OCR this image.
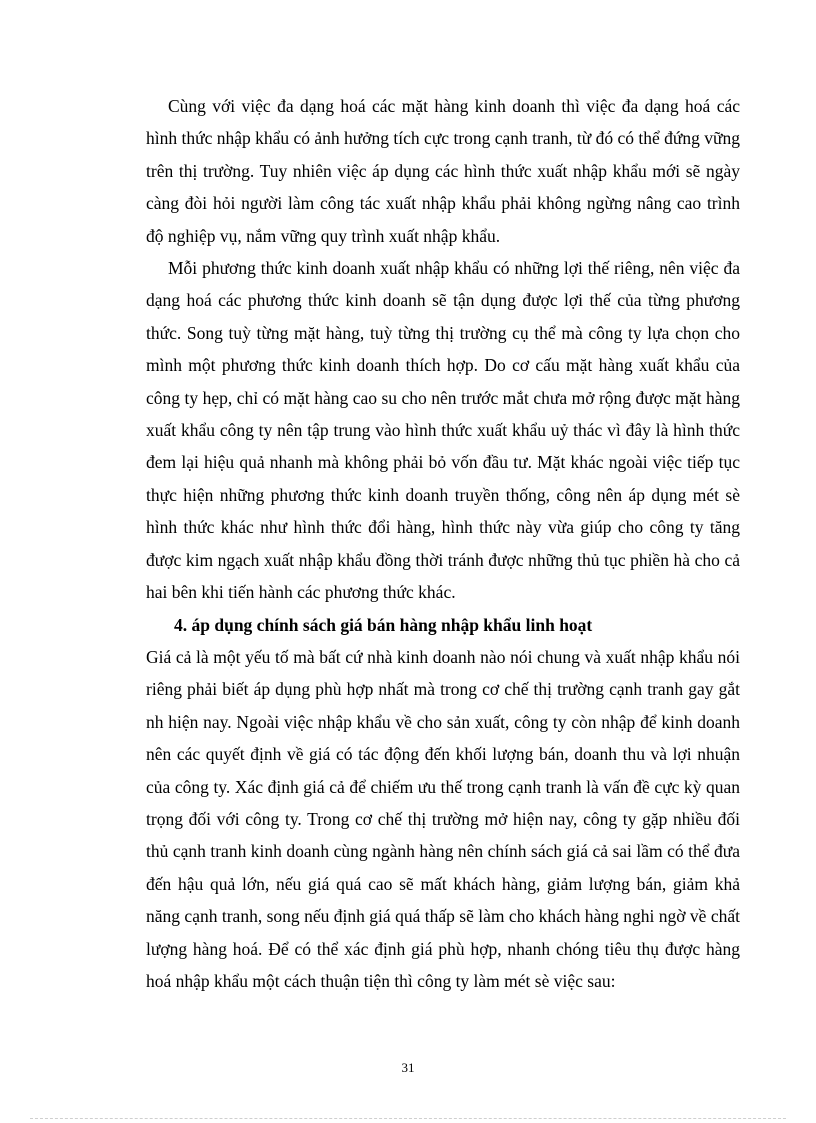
Cùng với việc đa dạng hoá các mặt hàng kinh doanh thì việc đa dạng hoá các hình thức nhập khẩu có ảnh hưởng tích cực trong cạnh tranh, từ đó có thể đứng vững trên thị trường. Tuy nhiên việc áp dụng các hình thức xuất nhập khẩu mới sẽ ngày càng đòi hỏi người làm công tác xuất nhập khẩu phải không ngừng nâng cao trình độ nghiệp vụ, nắm vững quy trình xuất nhập khẩu.

Mỗi phương thức kinh doanh xuất nhập khẩu có những lợi thế riêng, nên việc đa dạng hoá các phương thức kinh doanh sẽ tận dụng được lợi thế của từng phương thức. Song tuỳ từng mặt hàng, tuỳ từng thị trường cụ thể mà công ty lựa chọn cho mình một phương thức kinh doanh thích hợp. Do cơ cấu mặt hàng xuất khẩu của công ty hẹp, chỉ có mặt hàng cao su cho nên trước mắt chưa mở rộng được mặt hàng xuất khẩu công ty nên tập trung vào hình thức xuất khẩu uỷ thác vì đây là hình thức đem lại hiệu quả nhanh mà không phải bỏ vốn đầu tư. Mặt khác ngoài việc tiếp tục thực hiện những phương thức kinh doanh truyền thống, công nên áp dụng mét sè hình thức khác như hình thức đổi hàng, hình thức này vừa giúp cho công ty tăng được kim ngạch xuất nhập khẩu đồng thời tránh được những thủ tục phiền hà cho cả hai bên khi tiến hành các phương thức khác.

4. áp dụng chính sách giá bán hàng nhập khẩu linh hoạt

Giá cả là một yếu tố mà bất cứ nhà kinh doanh nào nói chung và xuất nhập khẩu nói riêng phải biết áp dụng phù hợp nhất mà trong cơ chế thị trường cạnh tranh gay gắt nh hiện nay. Ngoài việc nhập khẩu về cho sản xuất, công ty còn nhập để kinh doanh nên các quyết định về giá có tác động đến khối lượng bán, doanh thu và lợi nhuận của công ty. Xác định giá cả để chiếm ưu thế trong cạnh tranh là vấn đề cực kỳ quan trọng đối với công ty. Trong cơ chế thị trường mở hiện nay, công ty gặp nhiều đối thủ cạnh tranh kinh doanh cùng ngành hàng nên chính sách giá cả sai lầm có thể đưa đến hậu quả lớn, nếu giá quá cao sẽ mất khách hàng, giảm lượng bán, giảm khả năng cạnh tranh, song nếu định giá quá thấp sẽ làm cho khách hàng nghi ngờ về chất lượng hàng hoá. Để có thể xác định giá phù hợp, nhanh chóng tiêu thụ được hàng hoá nhập khẩu một cách thuận tiện thì công ty làm mét sè việc sau:

31
